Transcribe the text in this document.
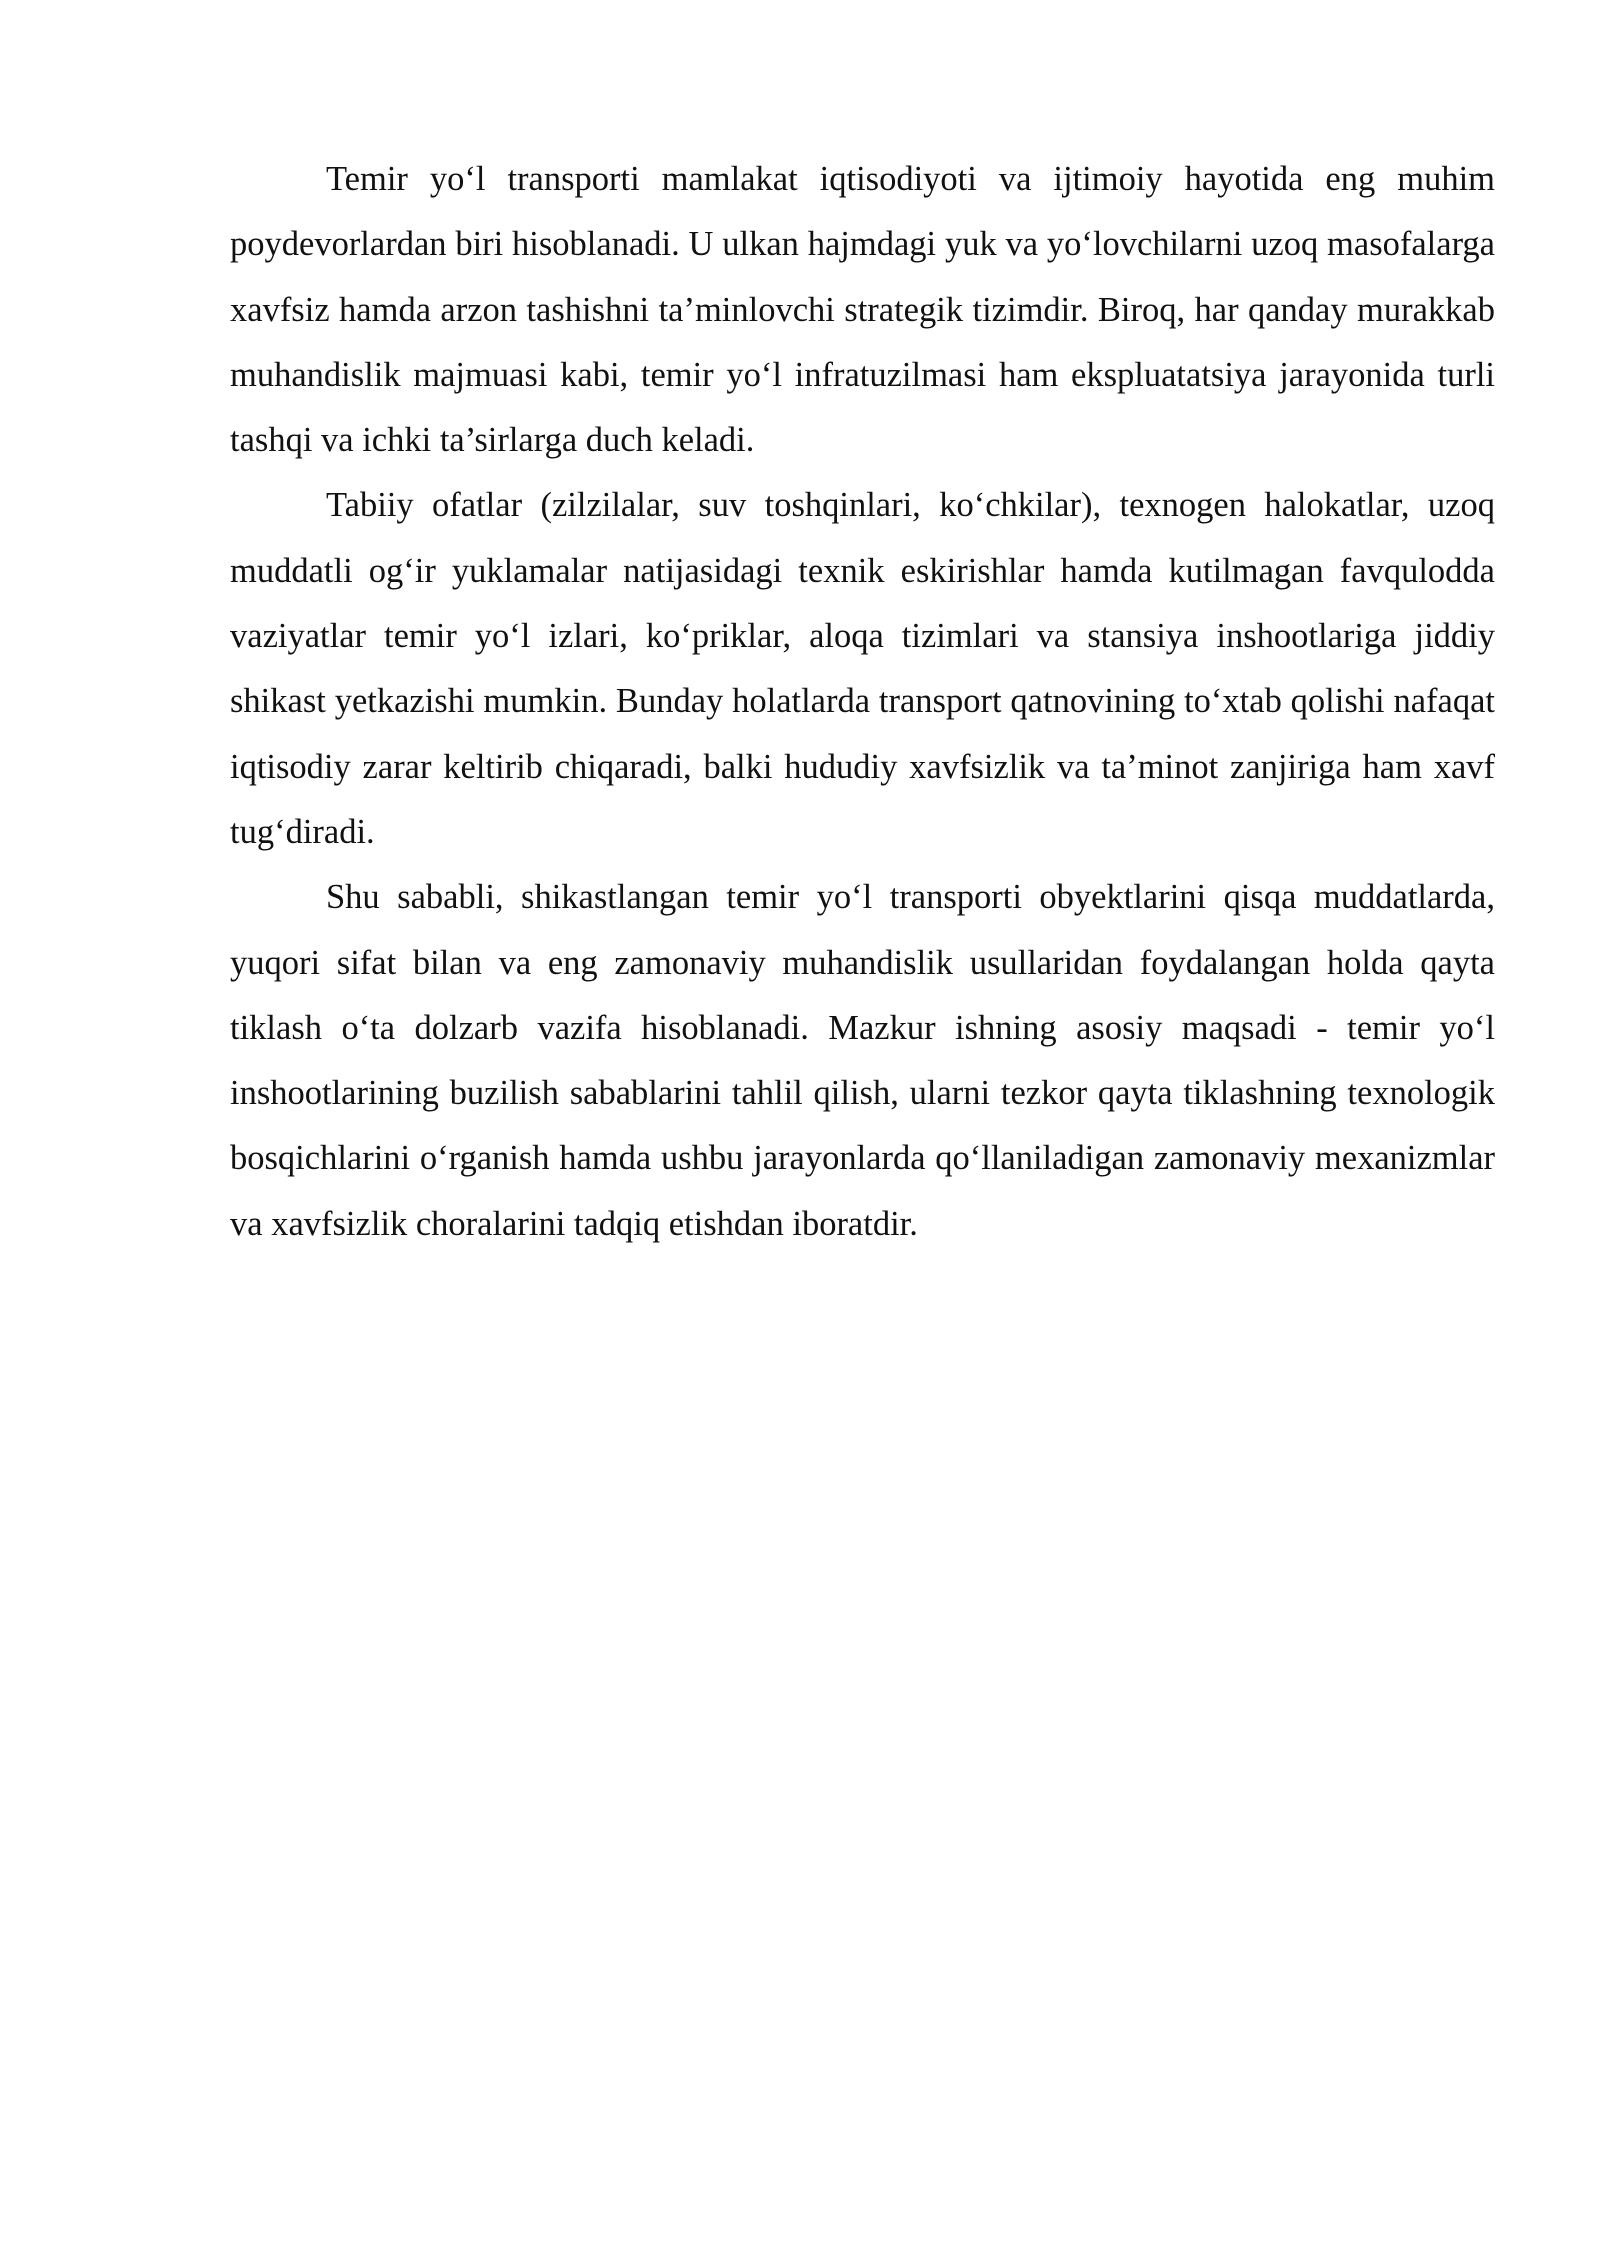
Temir yo‘l transporti mamlakat iqtisodiyoti va ijtimoiy hayotida eng muhim poydevorlardan biri hisoblanadi. U ulkan hajmdagi yuk va yo‘lovchilarni uzoq masofalarga xavfsiz hamda arzon tashishni ta’minlovchi strategik tizimdir. Biroq, har qanday murakkab muhandislik majmuasi kabi, temir yo‘l infratuzilmasi ham ekspluatatsiya jarayonida turli tashqi va ichki ta’sirlarga duch keladi.

Tabiiy ofatlar (zilzilalar, suv toshqinlari, ko‘chkilar), texnogen halokatlar, uzoq muddatli og‘ir yuklamalar natijasidagi texnik eskirishlar hamda kutilmagan favqulodda vaziyatlar temir yo‘l izlari, ko‘priklar, aloqa tizimlari va stansiya inshootlariga jiddiy shikast yetkazishi mumkin. Bunday holatlarda transport qatnovining to‘xtab qolishi nafaqat iqtisodiy zarar keltirib chiqaradi, balki hududiy xavfsizlik va ta’minot zanjiriga ham xavf tug‘diradi.

Shu sababli, shikastlangan temir yo‘l transporti obyektlarini qisqa muddatlarda, yuqori sifat bilan va eng zamonaviy muhandislik usullaridan foydalangan holda qayta tiklash o‘ta dolzarb vazifa hisoblanadi. Mazkur ishning asosiy maqsadi - temir yo‘l inshootlarining buzilish sabablarini tahlil qilish, ularni tezkor qayta tiklashning texnologik bosqichlarini o‘rganish hamda ushbu jarayonlarda qo‘llaniladigan zamonaviy mexanizmlar va xavfsizlik choralarini tadqiq etishdan iboratdir.
